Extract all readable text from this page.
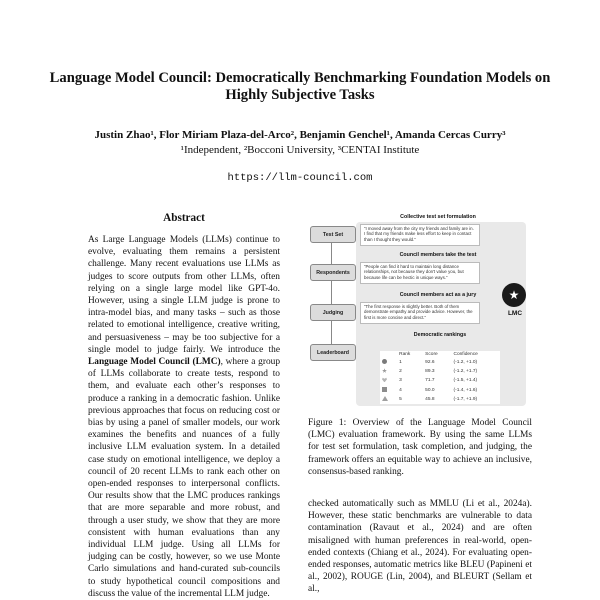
Language Model Council: Democratically Benchmarking Foundation Models on Highly Subjective Tasks
Justin Zhao¹, Flor Miriam Plaza-del-Arco², Benjamin Genchel¹, Amanda Cercas Curry³
¹Independent, ²Bocconi University, ³CENTAI Institute
https://llm-council.com
Abstract
As Large Language Models (LLMs) continue to evolve, evaluating them remains a persistent challenge. Many recent evaluations use LLMs as judges to score outputs from other LLMs, often relying on a single large model like GPT-4o. However, using a single LLM judge is prone to intra-model bias, and many tasks – such as those related to emotional intelligence, creative writing, and persuasiveness – may be too subjective for a single model to judge fairly. We introduce the Language Model Council (LMC), where a group of LLMs collaborate to create tests, respond to them, and evaluate each other’s responses to produce a ranking in a democratic fashion. Unlike previous approaches that focus on reducing cost or bias by using a panel of smaller models, our work examines the benefits and nuances of a fully inclusive LLM evaluation system. In a detailed case study on emotional intelligence, we deploy a council of 20 recent LLMs to rank each other on open-ended responses to interpersonal conflicts. Our results show that the LMC produces rankings that are more separable and more robust, and through a user study, we show that they are more consistent with human evaluations than any individual LLM judge. Using all LLMs for judging can be costly, however, so we use Monte Carlo simulations and hand-curated sub-councils to study hypothetical council compositions and discuss the value of the incremental LLM judge.
Collective test set formulation
Council members take the test
Council members act as a jury
Democratic rankings
Test Set
Respondents
Judging
Leaderboard
“I moved away from the city my friends and family are in. I find that my friends make less effort to keep in contact than I thought they would.”
“People can find it hard to maintain long distance relationships, not because they don't value you, but because life can be hectic in unique ways.”
“The first response is slightly better. Both of them demonstrate empathy and provide advice. However, the first is more concise and direct.”
	Rank	Score	Confidence
	1	92.6	(-1.2, +1.0)
	2	89.3	(-1.2, +1.7)
	3	71.7	(-1.5, +1.4)
	4	50.0	(-1.4, +1.6)
	5	45.8	(-1.7, +1.9)
★
LMC
Figure 1: Overview of the Language Model Council (LMC) evaluation framework. By using the same LLMs for test set formulation, task completion, and judging, the framework offers an equitable way to achieve an inclusive, consensus-based ranking.
checked automatically such as MMLU (Li et al., 2024a). However, these static benchmarks are vulnerable to data contamination (Ravaut et al., 2024) and are often misaligned with human preferences in real-world, open-ended contexts (Chiang et al., 2024). For evaluating open-ended responses, automatic metrics like BLEU (Papineni et al., 2002), ROUGE (Lin, 2004), and BLEURT (Sellam et al.,
